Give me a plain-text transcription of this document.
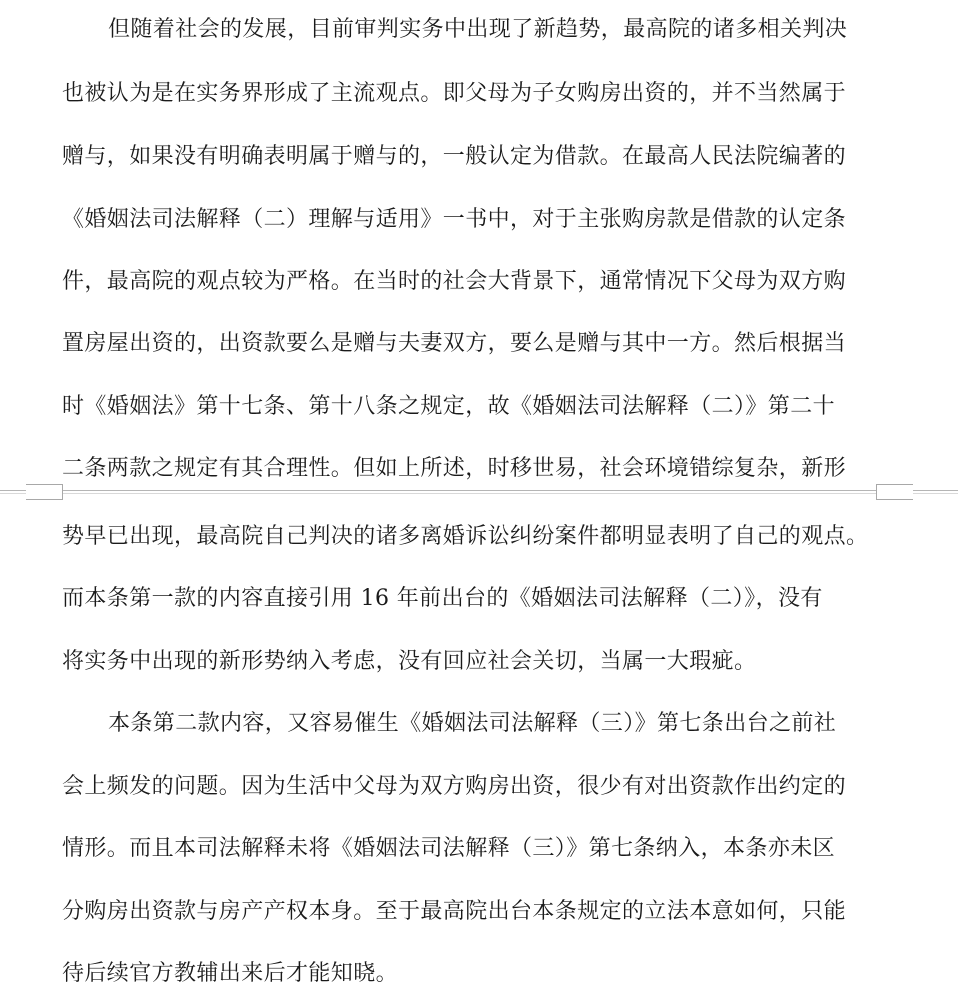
但随着社会的发展，目前审判实务中出现了新趋势，最高院的诸多相关判决
也被认为是在实务界形成了主流观点。即父母为子女购房出资的，并不当然属于
赠与，如果没有明确表明属于赠与的，一般认定为借款。在最高人民法院编著的
《婚姻法司法解释（二）理解与适用》一书中，对于主张购房款是借款的认定条
件，最高院的观点较为严格。在当时的社会大背景下，通常情况下父母为双方购
置房屋出资的，出资款要么是赠与夫妻双方，要么是赠与其中一方。然后根据当
时《婚姻法》第十七条、第十八条之规定，故《婚姻法司法解释（二）》第二十
二条两款之规定有其合理性。但如上所述，时移世易，社会环境错综复杂，新形
势早已出现，最高院自己判决的诸多离婚诉讼纠纷案件都明显表明了自己的观点。
而本条第一款的内容直接引用 16 年前出台的《婚姻法司法解释（二）》，没有
将实务中出现的新形势纳入考虑，没有回应社会关切，当属一大瑕疵。
本条第二款内容，又容易催生《婚姻法司法解释（三）》第七条出台之前社
会上频发的问题。因为生活中父母为双方购房出资，很少有对出资款作出约定的
情形。而且本司法解释未将《婚姻法司法解释（三）》第七条纳入，本条亦未区
分购房出资款与房产产权本身。至于最高院出台本条规定的立法本意如何，只能
待后续官方教辅出来后才能知晓。
